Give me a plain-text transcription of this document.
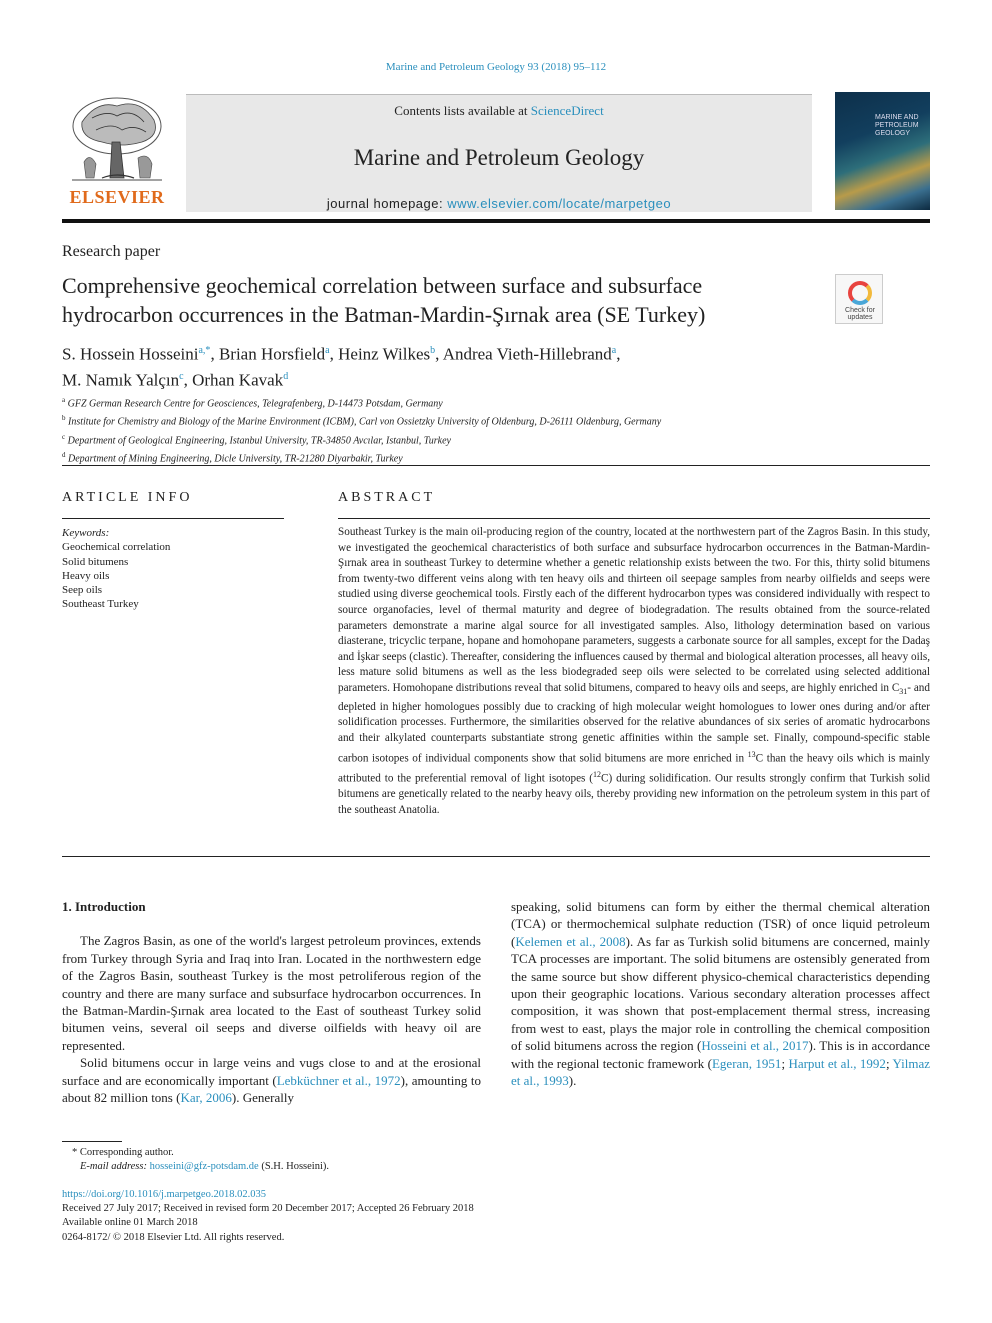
Marine and Petroleum Geology 93 (2018) 95–112
ELSEVIER
Contents lists available at ScienceDirect
Marine and Petroleum Geology
journal homepage: www.elsevier.com/locate/marpetgeo
MARINE AND PETROLEUM GEOLOGY
Research paper
Comprehensive geochemical correlation between surface and subsurface hydrocarbon occurrences in the Batman-Mardin-Şırnak area (SE Turkey)	Check for
updates
S. Hossein Hosseini$^{a,*}$, Brian Horsfield$^a$, Heinz Wilkes$^b$, Andrea Vieth-Hillebrand$^a$,
M. Namık Yalçın$^c$, Orhan Kavak$^d$
$^a$ GFZ German Research Centre for Geosciences, Telegrafenberg, D-14473 Potsdam, Germany
$^b$ Institute for Chemistry and Biology of the Marine Environment (ICBM), Carl von Ossietzky University of Oldenburg, D-26111 Oldenburg, Germany
$^c$ Department of Geological Engineering, Istanbul University, TR-34850 Avcılar, Istanbul, Turkey
$^d$ Department of Mining Engineering, Dicle University, TR-21280 Diyarbakir, Turkey
ARTICLE INFO
Keywords:
Geochemical correlation
Solid bitumens
Heavy oils
Seep oils
Southeast Turkey
ABSTRACT
Southeast Turkey is the main oil-producing region of the country, located at the northwestern part of the Zagros Basin. In this study, we investigated the geochemical characteristics of both surface and subsurface hydrocarbon occurrences in the Batman-Mardin-Şırnak area in southeast Turkey to determine whether a genetic relationship exists between the two. For this, thirty solid bitumens from twenty-two different veins along with ten heavy oils and thirteen oil seepage samples from nearby oilfields and seeps were studied using diverse geochemical tools. Firstly each of the different hydrocarbon types was considered individually with respect to source organofacies, level of thermal maturity and degree of biodegradation. The results obtained from the source-related parameters demonstrate a marine algal source for all investigated samples. Also, lithology determination based on various diasterane, tricyclic terpane, hopane and homohopane parameters, suggests a carbonate source for all samples, except for the Dadaş and İşkar seeps (clastic). Thereafter, considering the influences caused by thermal and biological alteration processes, all heavy oils, less mature solid bitumens as well as the less biodegraded seep oils were selected to be correlated using selected additional parameters. Homohopane distributions reveal that solid bitumens, compared to heavy oils and seeps, are highly enriched in $C_{31}-$ and depleted in higher homologues possibly due to cracking of high molecular weight homologues to lower ones during and/or after solidification processes. Furthermore, the similarities observed for the relative abundances of six series of aromatic hydrocarbons and their alkylated counterparts substantiate strong genetic affinities within the sample set. Finally, compound-specific stable carbon isotopes of individual components show that solid bitumens are more enriched in $^{13}$C than the heavy oils which is mainly attributed to the preferential removal of light isotopes ($^{12}$C) during solidification. Our results strongly confirm that Turkish solid bitumens are genetically related to the nearby heavy oils, thereby providing new information on the petroleum system in this part of the southeast Anatolia.
1. Introduction

The Zagros Basin, as one of the world's largest petroleum provinces, extends from Turkey through Syria and Iraq into Iran. Located in the northwestern edge of the Zagros Basin, southeast Turkey is the most petroliferous region of the country and there are many surface and subsurface hydrocarbon occurrences. In the Batman-Mardin-Şırnak area located to the East of southeast Turkey solid bitumen veins, several oil seeps and diverse oilfields with heavy oil are represented.

Solid bitumens occur in large veins and vugs close to and at the erosional surface and are economically important (Lebküchner et al., 1972), amounting to about 82 million tons (Kar, 2006). Generally

speaking, solid bitumens can form by either the thermal chemical alteration (TCA) or thermochemical sulphate reduction (TSR) of once liquid petroleum (Kelemen et al., 2008). As far as Turkish solid bitumens are concerned, mainly TCA processes are important. The solid bitumens are ostensibly generated from the same source but show different physico-chemical characteristics depending upon their geographic locations. Various secondary alteration processes affect composition, it was shown that post-emplacement thermal stress, increasing from west to east, plays the major role in controlling the chemical composition of solid bitumens across the region (Hosseini et al., 2017). This is in accordance with the regional tectonic framework (Egeran, 1951; Harput et al., 1992; Yilmaz et al., 1993).
* Corresponding author.
E-mail address: hosseini@gfz-potsdam.de (S.H. Hosseini).
https://doi.org/10.1016/j.marpetgeo.2018.02.035
Received 27 July 2017; Received in revised form 20 December 2017; Accepted 26 February 2018
Available online 01 March 2018
0264-8172/ © 2018 Elsevier Ltd. All rights reserved.
